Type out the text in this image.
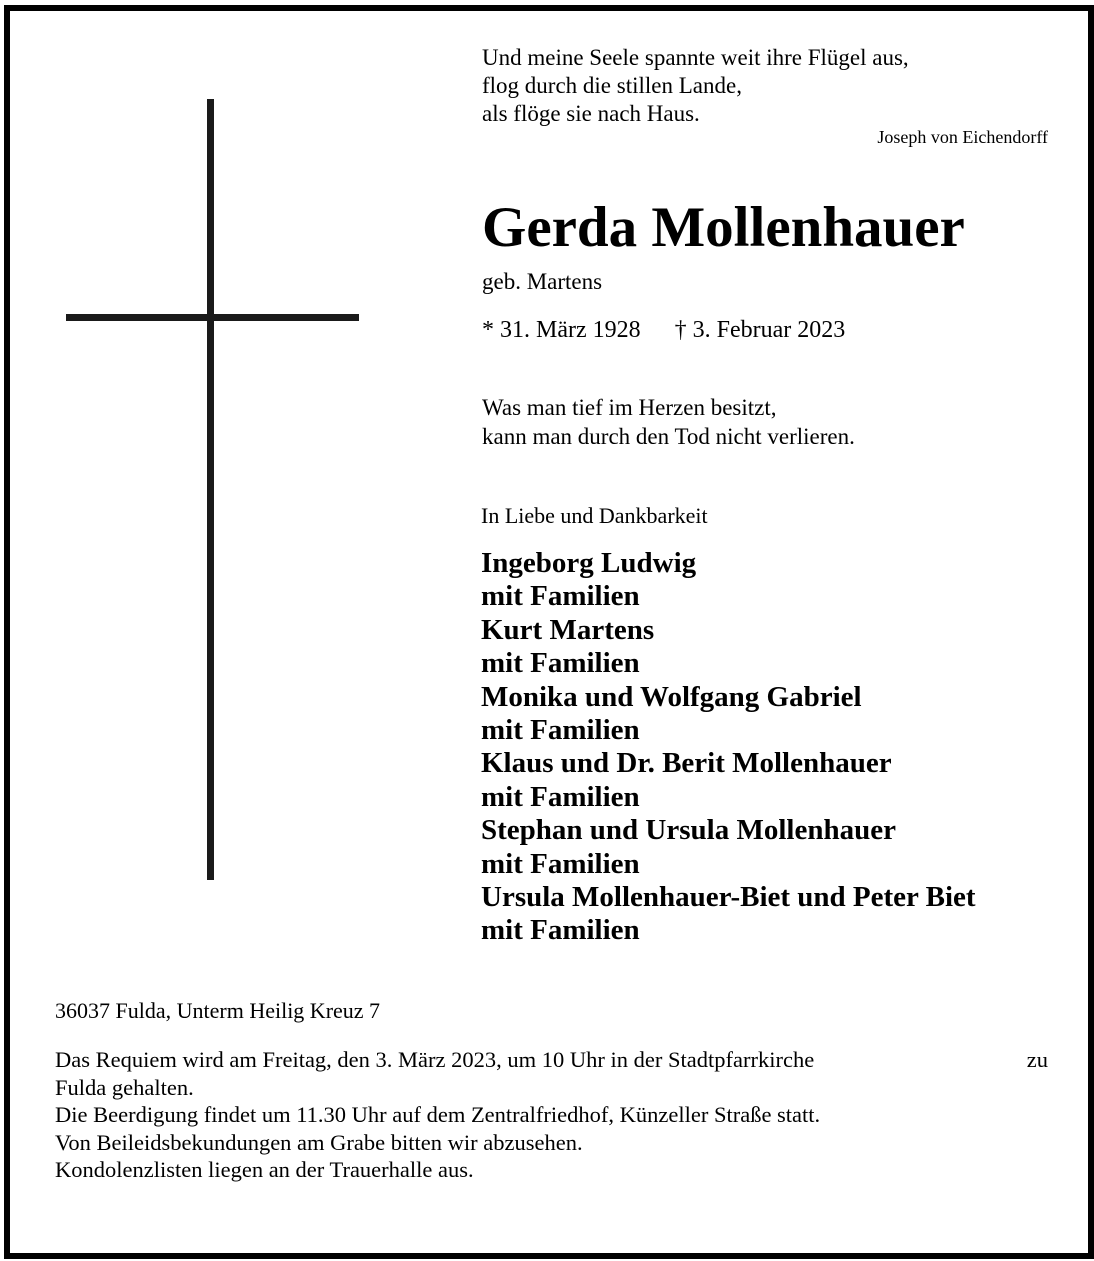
Und meine Seele spannte weit ihre Flügel aus,
flog durch die stillen Lande,
als flöge sie nach Haus.
Joseph von Eichendorff
Gerda Mollenhauer
geb. Martens
* 31. März 1928 † 3. Februar 2023
Was man tief im Herzen besitzt,
kann man durch den Tod nicht verlieren.
In Liebe und Dankbarkeit
Ingeborg Ludwig
mit Familien
Kurt Martens
mit Familien
Monika und Wolfgang Gabriel
mit Familien
Klaus und Dr. Berit Mollenhauer
mit Familien
Stephan und Ursula Mollenhauer
mit Familien
Ursula Mollenhauer-Biet und Peter Biet
mit Familien
36037 Fulda, Unterm Heilig Kreuz 7
Das Requiem wird am Freitag, den 3. März 2023, um 10 Uhr in der Stadtpfarrkirche	zu
Fulda gehalten.
Die Beerdigung findet um 11.30 Uhr auf dem Zentralfriedhof, Künzeller Straße statt.
Von Beileidsbekundungen am Grabe bitten wir abzusehen.
Kondolenzlisten liegen an der Trauerhalle aus.
